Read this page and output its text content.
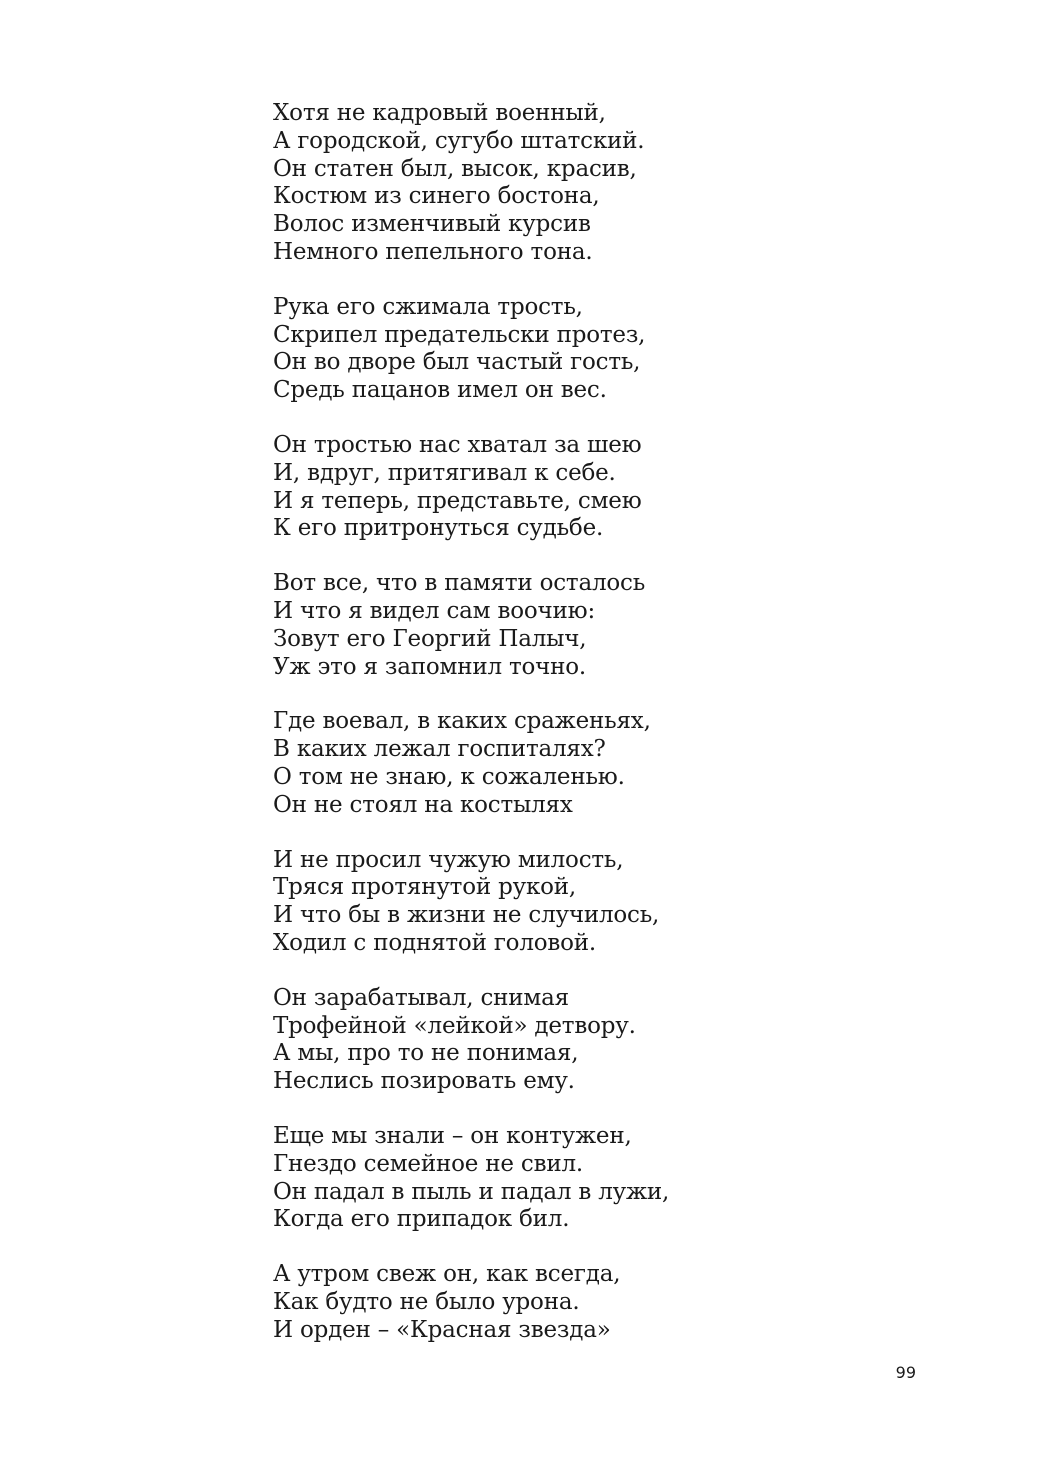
Хотя не кадровый военный,
А городской, сугубо штатский.
Он статен был, высок, красив,
Костюм из синего бостона,
Волос изменчивый курсив
Немного пепельного тона.
Рука его сжимала трость,
Скрипел предательски протез,
Он во дворе был частый гость,
Средь пацанов имел он вес.
Он тростью нас хватал за шею
И, вдруг, притягивал к себе.
И я теперь, представьте, смею
К его притронуться судьбе.
Вот все, что в памяти осталось
И что я видел сам воочию:
Зовут его Георгий Палыч,
Уж это я запомнил точно.
Где воевал, в каких сраженьях,
В каких лежал госпиталях?
О том не знаю, к сожаленью.
Он не стоял на костылях
И не просил чужую милость,
Тряся протянутой рукой,
И что бы в жизни не случилось,
Ходил с поднятой головой.
Он зарабатывал, снимая
Трофейной «лейкой» детвору.
А мы, про то не понимая,
Неслись позировать ему.
Еще мы знали – он контужен,
Гнездо семейное не свил.
Он падал в пыль и падал в лужи,
Когда его припадок бил.
А утром свеж он, как всегда,
Как будто не было урона.
И орден – «Красная звезда»
99
